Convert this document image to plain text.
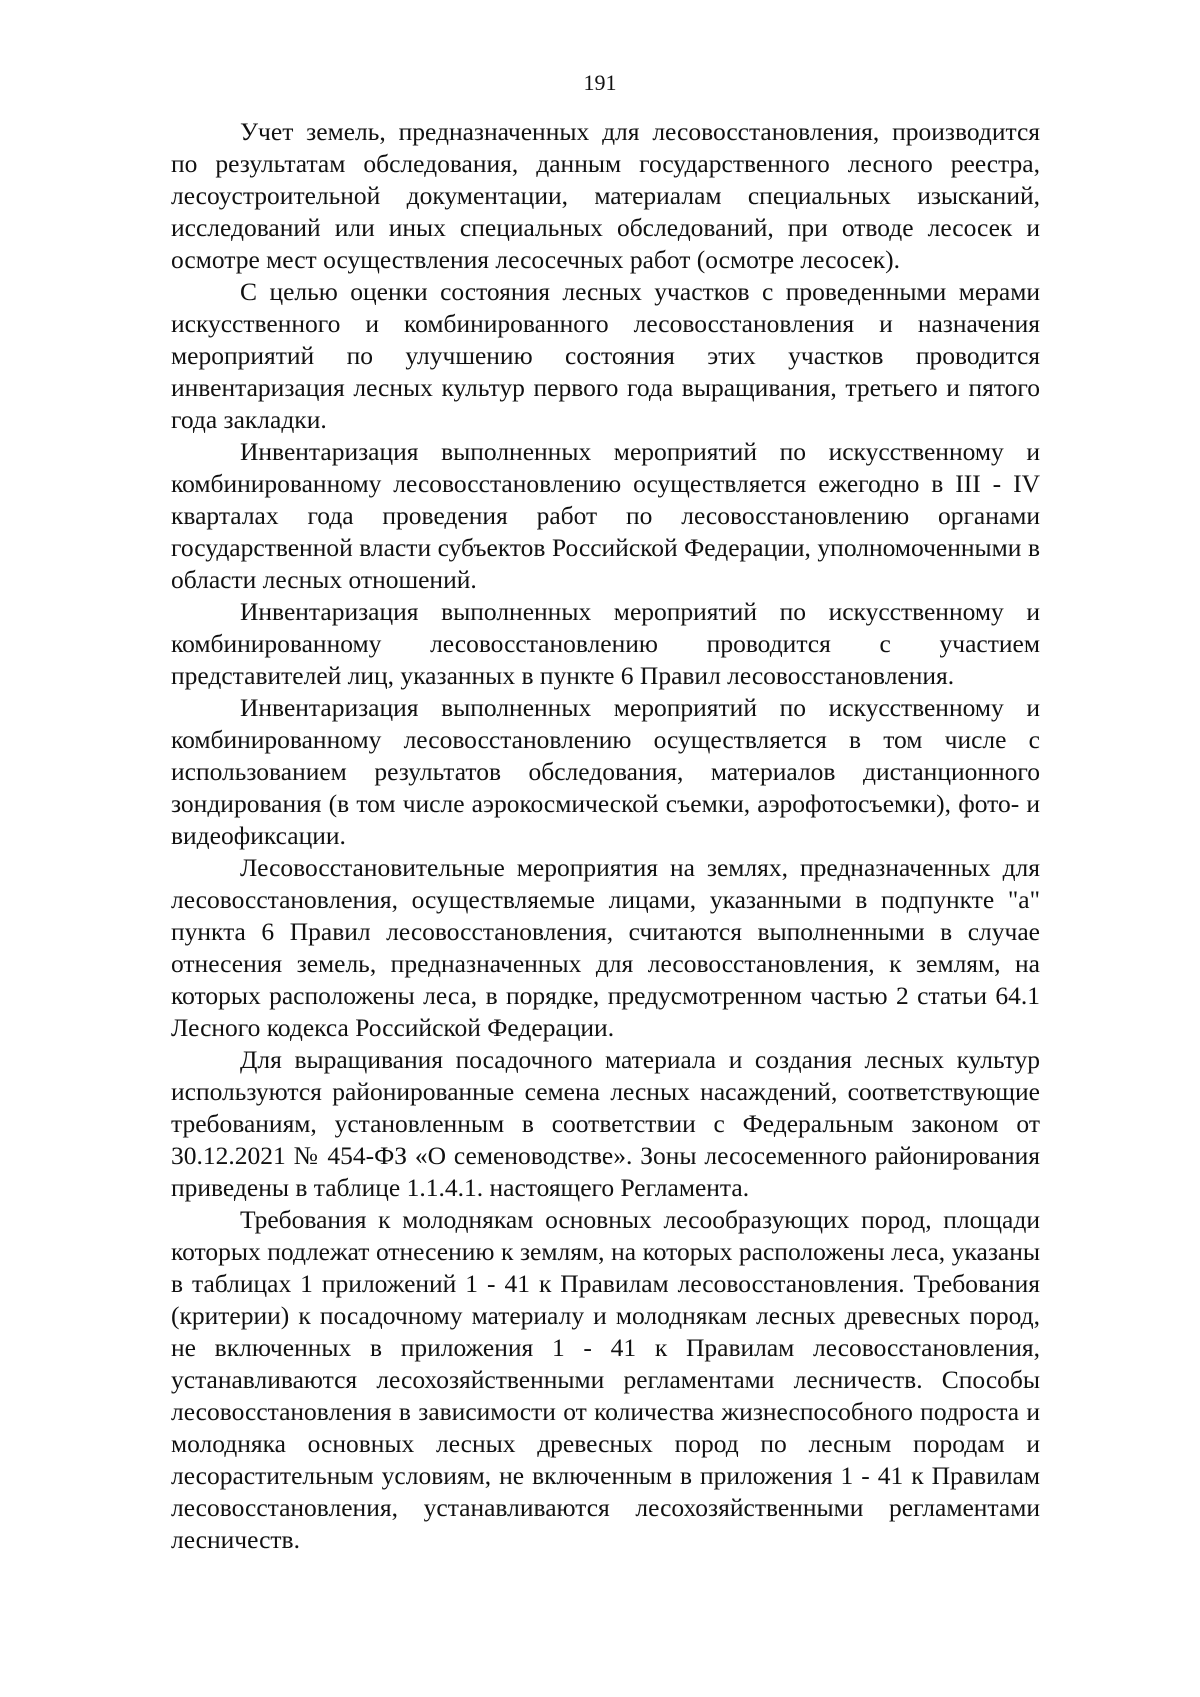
191

Учет земель, предназначенных для лесовосстановления, производится по результатам обследования, данным государственного лесного реестра, лесоустроительной документации, материалам специальных изысканий, исследований или иных специальных обследований, при отводе лесосек и осмотре мест осуществления лесосечных работ (осмотре лесосек).

С целью оценки состояния лесных участков с проведенными мерами искусственного и комбинированного лесовосстановления и назначения мероприятий по улучшению состояния этих участков проводится инвентаризация лесных культур первого года выращивания, третьего и пятого года закладки.

Инвентаризация выполненных мероприятий по искусственному и комбинированному лесовосстановлению осуществляется ежегодно в III - IV кварталах года проведения работ по лесовосстановлению органами государственной власти субъектов Российской Федерации, уполномоченными в области лесных отношений.

Инвентаризация выполненных мероприятий по искусственному и комбинированному лесовосстановлению проводится с участием представителей лиц, указанных в пункте 6 Правил лесовосстановления.

Инвентаризация выполненных мероприятий по искусственному и комбинированному лесовосстановлению осуществляется в том числе с использованием результатов обследования, материалов дистанционного зондирования (в том числе аэрокосмической съемки, аэрофотосъемки), фото- и видеофиксации.

Лесовосстановительные мероприятия на землях, предназначенных для лесовосстановления, осуществляемые лицами, указанными в подпункте "а" пункта 6 Правил лесовосстановления, считаются выполненными в случае отнесения земель, предназначенных для лесовосстановления, к землям, на которых расположены леса, в порядке, предусмотренном частью 2 статьи 64.1 Лесного кодекса Российской Федерации.

Для выращивания посадочного материала и создания лесных культур используются районированные семена лесных насаждений, соответствующие требованиям, установленным в соответствии с Федеральным законом от 30.12.2021 № 454-ФЗ «О семеноводстве». Зоны лесосеменного районирования приведены в таблице 1.1.4.1. настоящего Регламента.

Требования к молоднякам основных лесообразующих пород, площади которых подлежат отнесению к землям, на которых расположены леса, указаны в таблицах 1 приложений 1 - 41 к Правилам лесовосстановления. Требования (критерии) к посадочному материалу и молоднякам лесных древесных пород, не включенных в приложения 1 - 41 к Правилам лесовосстановления, устанавливаются лесохозяйственными регламентами лесничеств. Способы лесовосстановления в зависимости от количества жизнеспособного подроста и молодняка основных лесных древесных пород по лесным породам и лесорастительным условиям, не включенным в приложения 1 - 41 к Правилам лесовосстановления, устанавливаются лесохозяйственными регламентами лесничеств.
